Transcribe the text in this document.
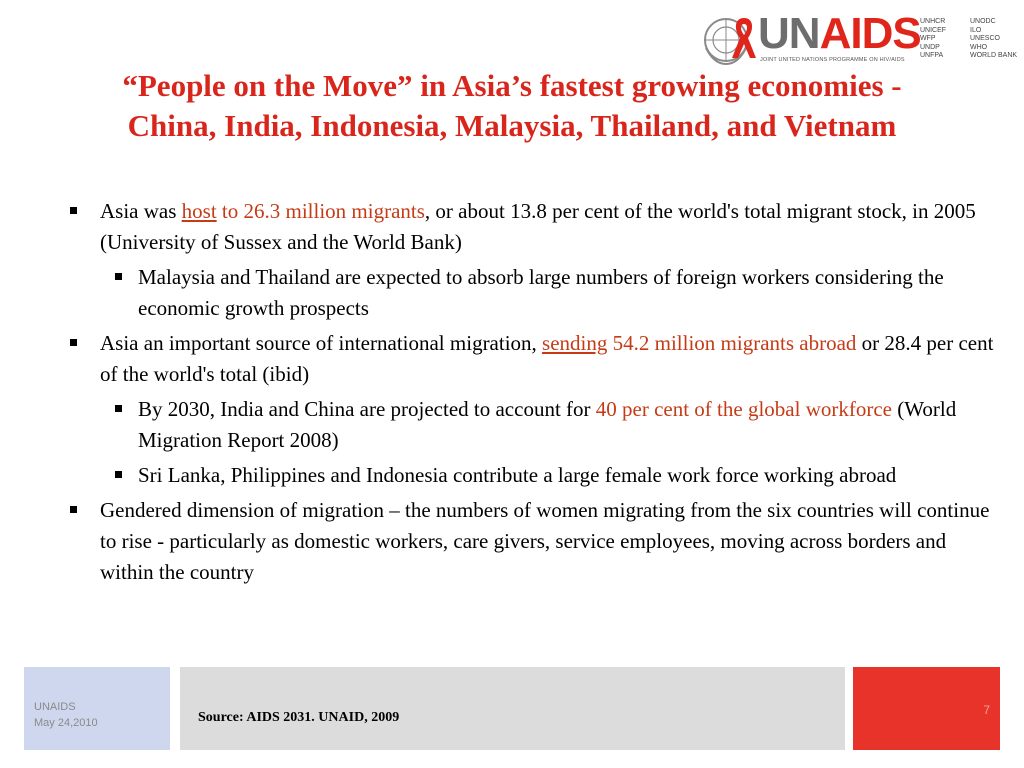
UNAIDS
JOINT UNITED NATIONS PROGRAMME ON HIV/AIDS
UNHCR	UNODC
UNICEF	ILO
WFP	UNESCO
UNDP	WHO
UNFPA	WORLD BANK
“People on the Move” in Asia’s fastest growing economies -
China, India, Indonesia, Malaysia, Thailand, and Vietnam
Asia was host to 26.3 million migrants, or about 13.8 per cent of the world's total migrant stock, in 2005 (University of Sussex and the World Bank)
Malaysia and Thailand are expected to absorb large numbers of foreign workers considering the economic growth prospects
Asia an important source of international migration, sending 54.2 million migrants abroad or 28.4 per cent of the world's total (ibid)
By 2030, India and China are projected to account for 40 per cent of the global workforce (World Migration Report 2008)
Sri Lanka, Philippines and Indonesia contribute a large female work force working abroad
Gendered dimension of migration – the numbers of women migrating from the six countries will continue to rise - particularly as domestic workers, care givers, service employees, moving across borders and within the country
UNAIDS
May 24,2010	Source: AIDS 2031. UNAID, 2009	7
